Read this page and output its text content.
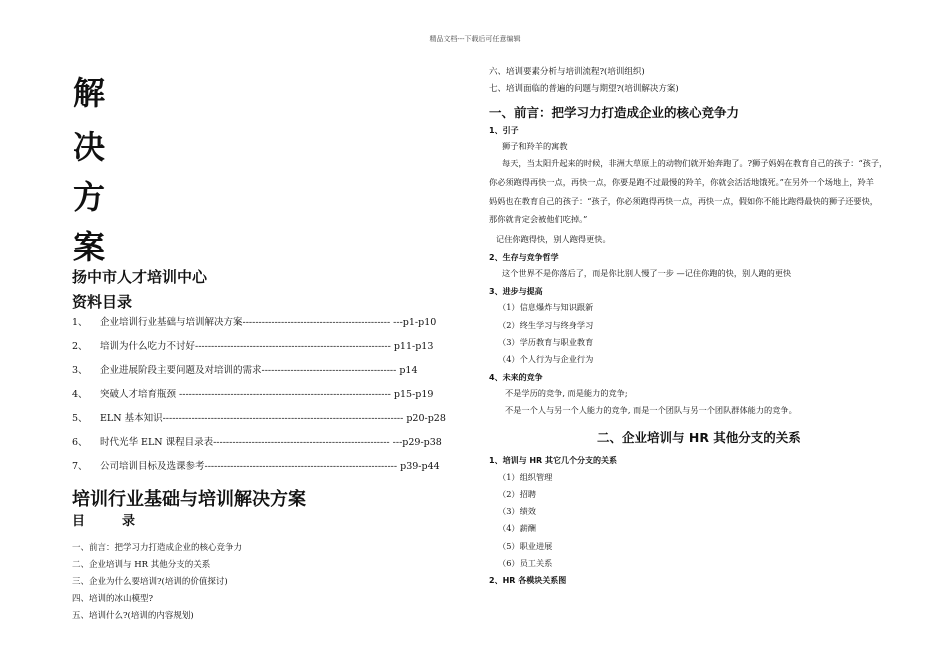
精品文档---下载后可任意编辑
解
决
方
案
扬中市人才培训中心
资料目录
1、 企业培训行业基础与培训解决方案---------------------------------------------- ---p1-p10
2、 培训为什么吃力不讨好------------------------------------------------------------- p11-p13
3、 企业进展阶段主要问题及对培训的需求------------------------------------------ p14
4、 突破人才培育瓶颈 ------------------------------------------------------------------ p15-p19
5、 ELN 基本知识--------------------------------------------------------------------------- p20-p28
6、 时代光华 ELN 课程目录表------------------------------------------------------- ---p29-p38
7、 公司培训目标及选课参考------------------------------------------------------------ p39-p44
培训行业基础与培训解决方案
目	录
一、前言：把学习力打造成企业的核心竞争力
二、企业培训与 HR 其他分支的关系
三、企业为什么要培训?(培训的价值探讨)
四、培训的冰山模型?
五、培训什么?(培训的内容规划)
六、培训要素分析与培训流程?(培训组织)
七、培训面临的普遍的问题与期望?(培训解决方案)
一、前言：把学习力打造成企业的核心竞争力
1、引子
狮子和羚羊的寓教
每天，当太阳升起来的时候，非洲大草原上的动物们就开始奔跑了。?狮子妈妈在教育自己的孩子：“孩子，
你必须跑得再快一点，再快一点，你要是跑不过最慢的羚羊，你就会活活地饿死。”在另外一个场地上，羚羊
妈妈也在教育自己的孩子：“孩子，你必须跑得再快一点，再快一点，假如你不能比跑得最快的狮子还要快，
那你就肯定会被他们吃掉。”
记住你跑得快，别人跑得更快。
2、生存与竞争哲学
这个世界不是你落后了，而是你比别人慢了一步 —记住你跑的快，别人跑的更快
3、进步与提高
（1）信息爆炸与知识跟新
（2）终生学习与终身学习
（3）学历教育与职业教育
（4）个人行为与企业行为
4、未来的竞争
不是学历的竞争, 而是能力的竞争;
不是一个人与另一个人能力的竞争, 而是一个团队与另一个团队群体能力的竞争。
二、企业培训与 HR 其他分支的关系
1、培训与 HR 其它几个分支的关系
（1）组织管理
（2）招聘
（3）绩效
（4）薪酬
（5）职业进展
（6）员工关系
2、HR 各模块关系图
